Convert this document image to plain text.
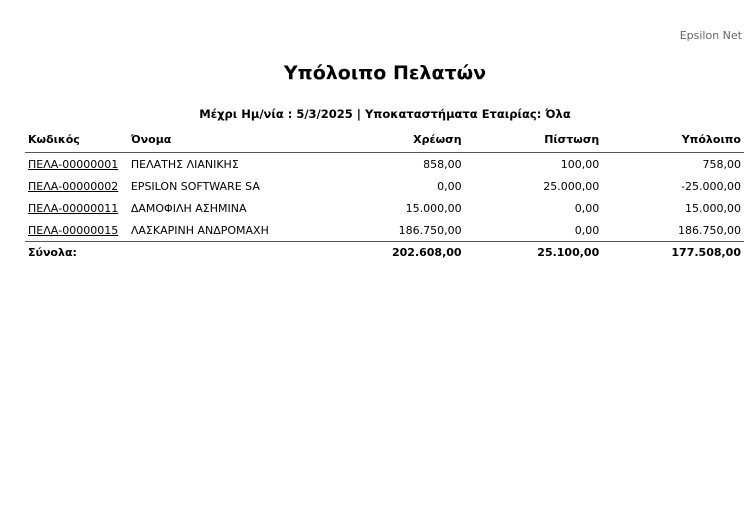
Epsilon Net
Υπόλοιπο Πελατών
Μέχρι Ημ/νία : 5/3/2025 | Υποκαταστήματα Εταιρίας: Όλα
Κωδικός	Όνομα	Χρέωση	Πίστωση	Υπόλοιπο
ΠΕΛΑ-00000001	ΠΕΛΑΤΗΣ ΛΙΑΝΙΚΗΣ	858,00	100,00	758,00
ΠΕΛΑ-00000002	EPSILON SOFTWARE SA	0,00	25.000,00	-25.000,00
ΠΕΛΑ-00000011	ΔΑΜΟΦΙΛΗ ΑΣΗΜΙΝΑ	15.000,00	0,00	15.000,00
ΠΕΛΑ-00000015	ΛΑΣΚΑΡΙΝΗ ΑΝΔΡΟΜΑΧΗ	186.750,00	0,00	186.750,00
Σύνολα:		202.608,00	25.100,00	177.508,00
